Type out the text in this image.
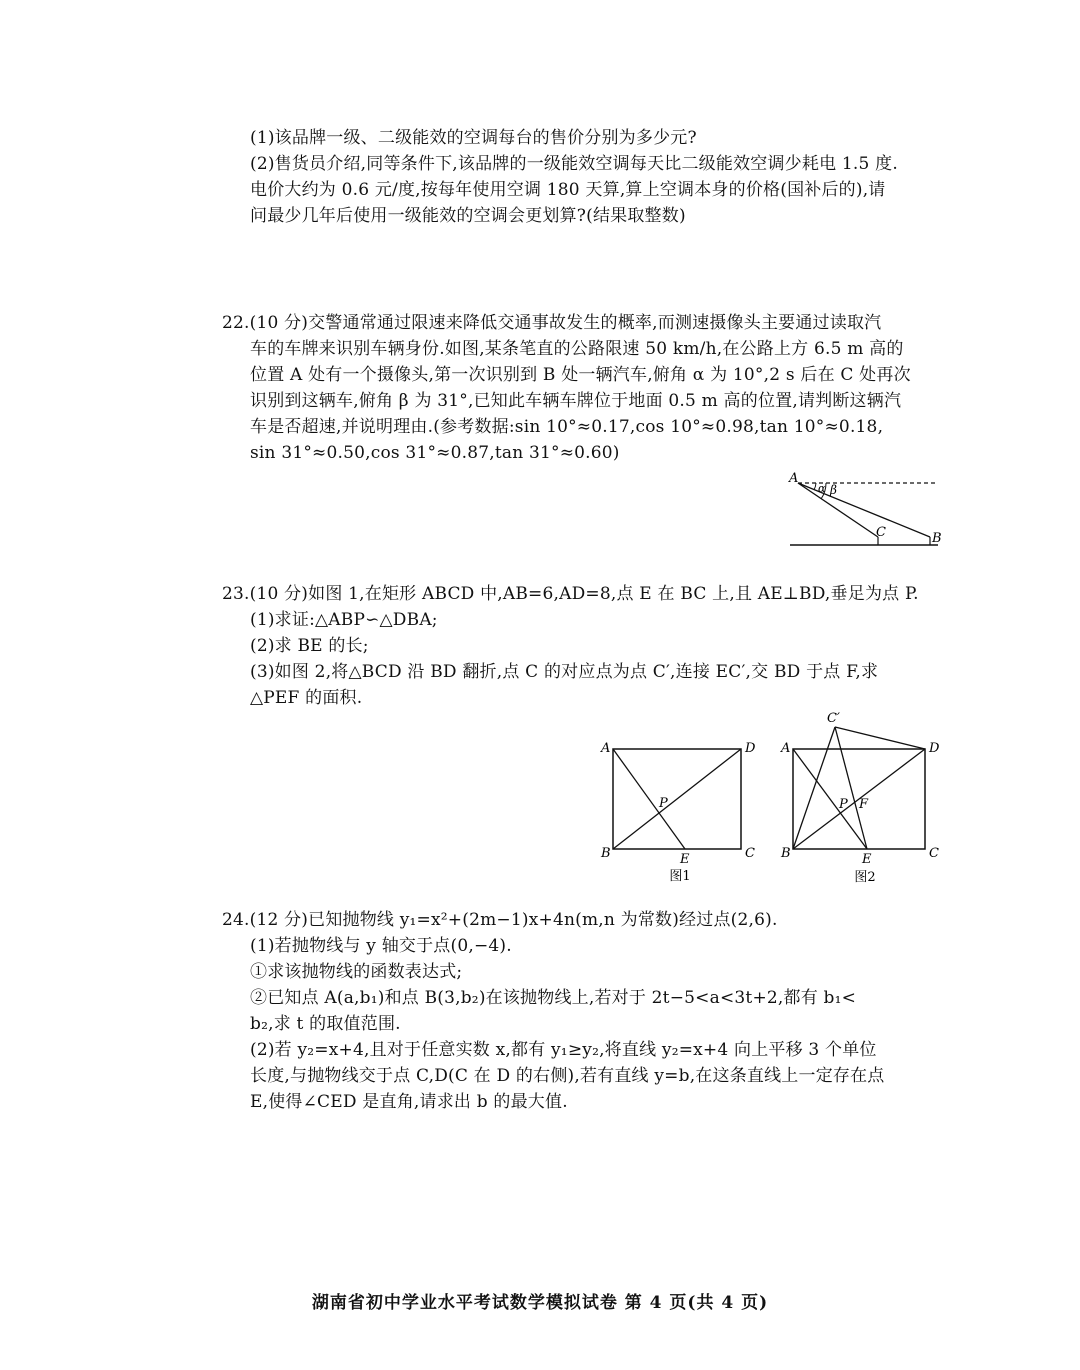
(1)该品牌一级、二级能效的空调每台的售价分别为多少元?
(2)售货员介绍,同等条件下,该品牌的一级能效空调每天比二级能效空调少耗电 1.5 度.
电价大约为 0.6 元/度,按每年使用空调 180 天算,算上空调本身的价格(国补后的),请
问最少几年后使用一级能效的空调会更划算?(结果取整数)
22.(10 分)交警通常通过限速来降低交通事故发生的概率,而测速摄像头主要通过读取汽
车的车牌来识别车辆身份.如图,某条笔直的公路限速 50 km/h,在公路上方 6.5 m 高的
位置 A 处有一个摄像头,第一次识别到 B 处一辆汽车,俯角 α 为 10°,2 s 后在 C 处再次
识别到这辆车,俯角 β 为 31°,已知此车辆车牌位于地面 0.5 m 高的位置,请判断这辆汽
车是否超速,并说明理由.(参考数据:sin 10°≈0.17,cos 10°≈0.98,tan 10°≈0.18,
sin 31°≈0.50,cos 31°≈0.87,tan 31°≈0.60)
A
α β
C	B
23.(10 分)如图 1,在矩形 ABCD 中,AB=6,AD=8,点 E 在 BC 上,且 AE⊥BD,垂足为点 P.
(1)求证:△ABP∽△DBA;
(2)求 BE 的长;
(3)如图 2,将△BCD 沿 BD 翻折,点 C 的对应点为点 C′,连接 EC′,交 BD 于点 F,求
△PEF 的面积.
A	D
B	C
E
P
图1
C′
A	D
B	C
E
P F
图2
24.(12 分)已知抛物线 y₁=x²+(2m−1)x+4n(m,n 为常数)经过点(2,6).
(1)若抛物线与 y 轴交于点(0,−4).
①求该抛物线的函数表达式;
②已知点 A(a,b₁)和点 B(3,b₂)在该抛物线上,若对于 2t−5<a<3t+2,都有 b₁<
b₂,求 t 的取值范围.
(2)若 y₂=x+4,且对于任意实数 x,都有 y₁≥y₂,将直线 y₂=x+4 向上平移 3 个单位
长度,与抛物线交于点 C,D(C 在 D 的右侧),若有直线 y=b,在这条直线上一定存在点
E,使得∠CED 是直角,请求出 b 的最大值.
湖南省初中学业水平考试数学模拟试卷 第 4 页(共 4 页)
